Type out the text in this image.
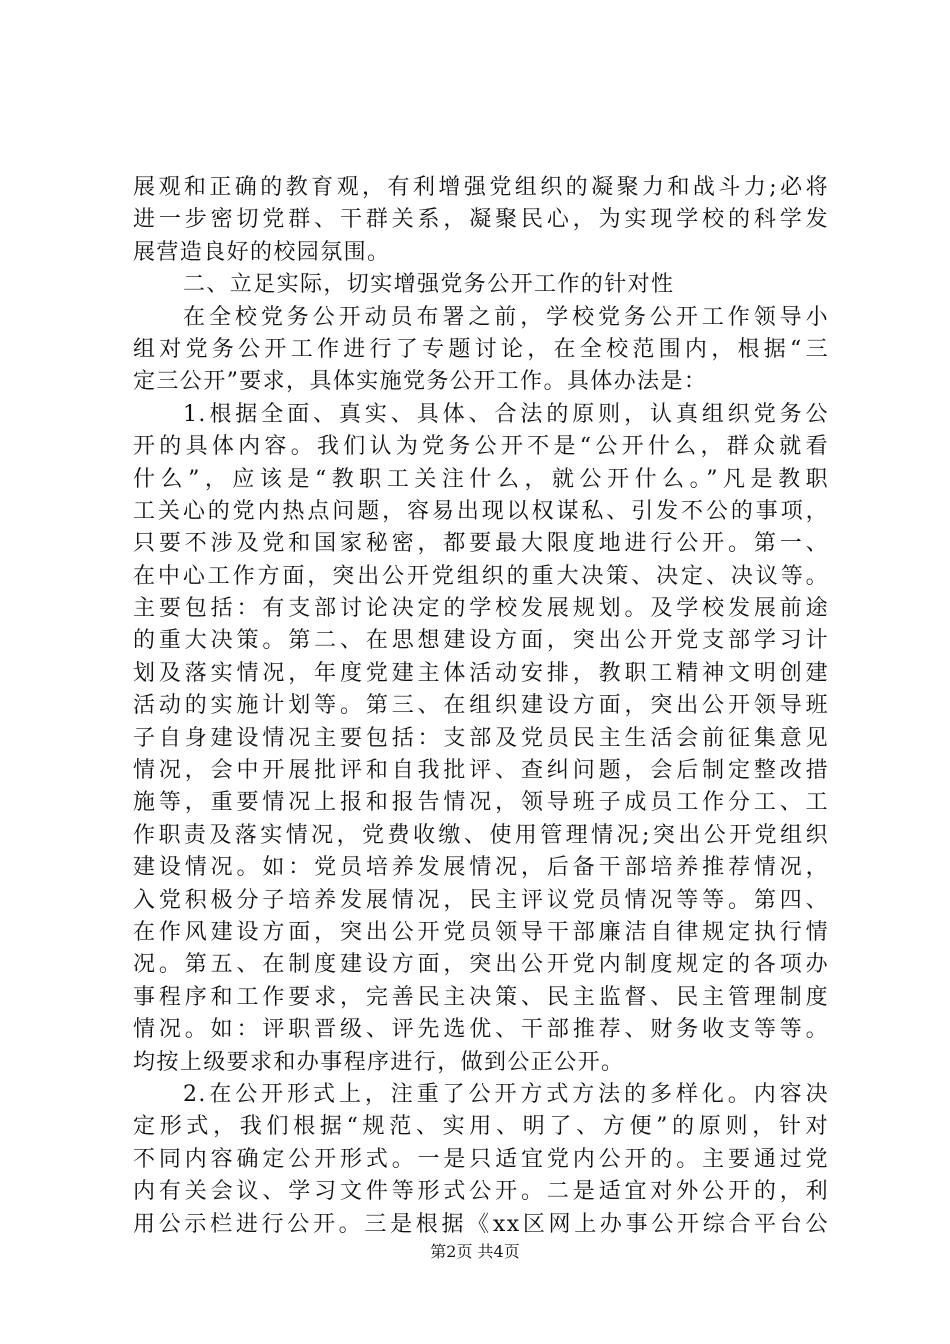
展观和正确的教育观，有利增强党组织的凝聚力和战斗力;必将
进一步密切党群、干群关系，凝聚民心，为实现学校的科学发
展营造良好的校园氛围。
二、立足实际，切实增强党务公开工作的针对性
在全校党务公开动员布署之前，学校党务公开工作领导小
组对党务公开工作进行了专题讨论，在全校范围内，根据“三
定三公开”要求，具体实施党务公开工作。具体办法是：
1.根据全面、真实、具体、合法的原则，认真组织党务公
开的具体内容。我们认为党务公开不是“公开什么，群众就看
什么”，应该是“教职工关注什么，就公开什么。”凡是教职
工关心的党内热点问题，容易出现以权谋私、引发不公的事项，
只要不涉及党和国家秘密，都要最大限度地进行公开。第一、
在中心工作方面，突出公开党组织的重大决策、决定、决议等。
主要包括：有支部讨论决定的学校发展规划。及学校发展前途
的重大决策。第二、在思想建设方面，突出公开党支部学习计
划及落实情况，年度党建主体活动安排，教职工精神文明创建
活动的实施计划等。第三、在组织建设方面，突出公开领导班
子自身建设情况主要包括：支部及党员民主生活会前征集意见
情况，会中开展批评和自我批评、查纠问题，会后制定整改措
施等，重要情况上报和报告情况，领导班子成员工作分工、工
作职责及落实情况，党费收缴、使用管理情况;突出公开党组织
建设情况。如：党员培养发展情况，后备干部培养推荐情况，
入党积极分子培养发展情况，民主评议党员情况等等。第四、
在作风建设方面，突出公开党员领导干部廉洁自律规定执行情
况。第五、在制度建设方面，突出公开党内制度规定的各项办
事程序和工作要求，完善民主决策、民主监督、民主管理制度
情况。如：评职晋级、评先选优、干部推荐、财务收支等等。
均按上级要求和办事程序进行，做到公正公开。
2.在公开形式上，注重了公开方式方法的多样化。内容决
定形式，我们根据“规范、实用、明了、方便”的原则，针对
不同内容确定公开形式。一是只适宜党内公开的。主要通过党
内有关会议、学习文件等形式公开。二是适宜对外公开的，利
用公示栏进行公开。三是根据《xx区网上办事公开综合平台公
第2页 共4页
